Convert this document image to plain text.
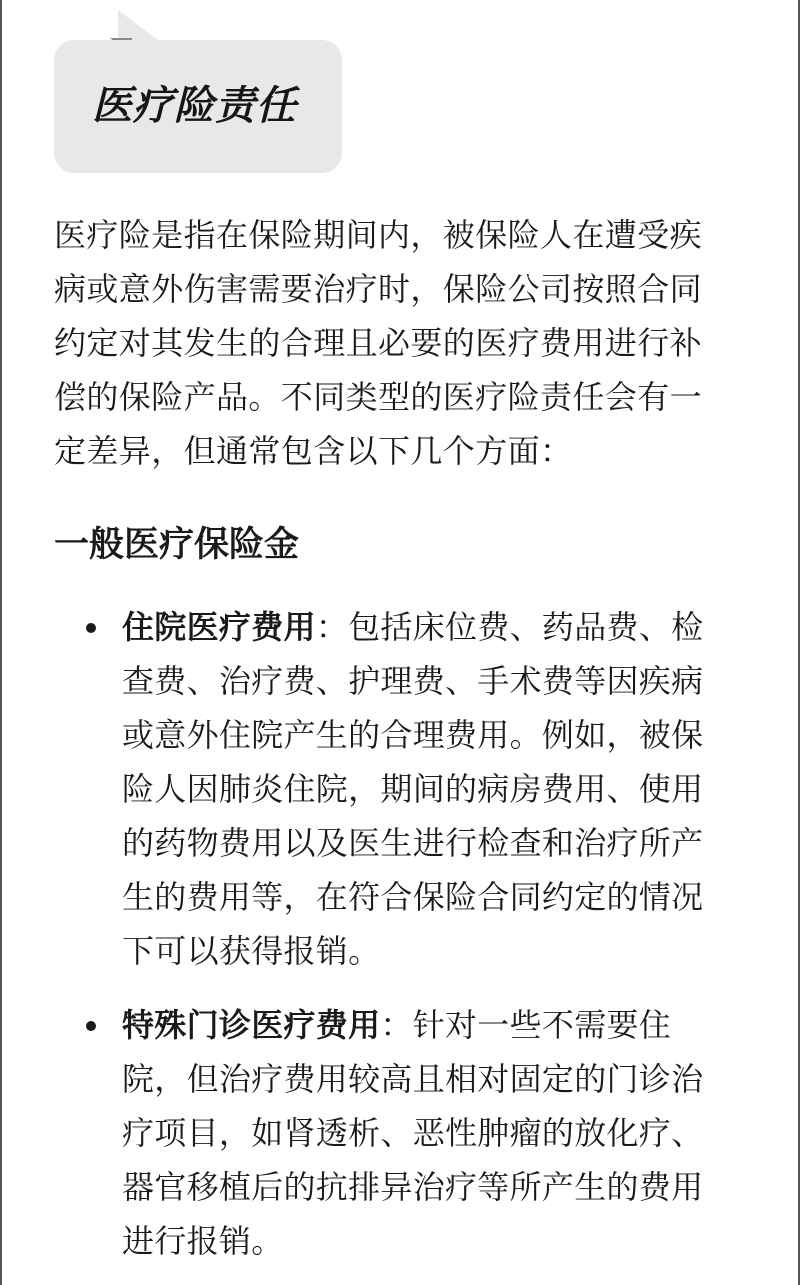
医疗险责任
医疗险是指在保险期间内，被保险人在遭受疾
病或意外伤害需要治疗时，保险公司按照合同
约定对其发生的合理且必要的医疗费用进行补
偿的保险产品。不同类型的医疗险责任会有一
定差异，但通常包含以下几个方面：
一般医疗保险金
住院医疗费用：包括床位费、药品费、检
查费、治疗费、护理费、手术费等因疾病
或意外住院产生的合理费用。例如，被保
险人因肺炎住院，期间的病房费用、使用
的药物费用以及医生进行检查和治疗所产
生的费用等，在符合保险合同约定的情况
下可以获得报销。
特殊门诊医疗费用：针对一些不需要住
院，但治疗费用较高且相对固定的门诊治
疗项目，如肾透析、恶性肿瘤的放化疗、
器官移植后的抗排异治疗等所产生的费用
进行报销。
